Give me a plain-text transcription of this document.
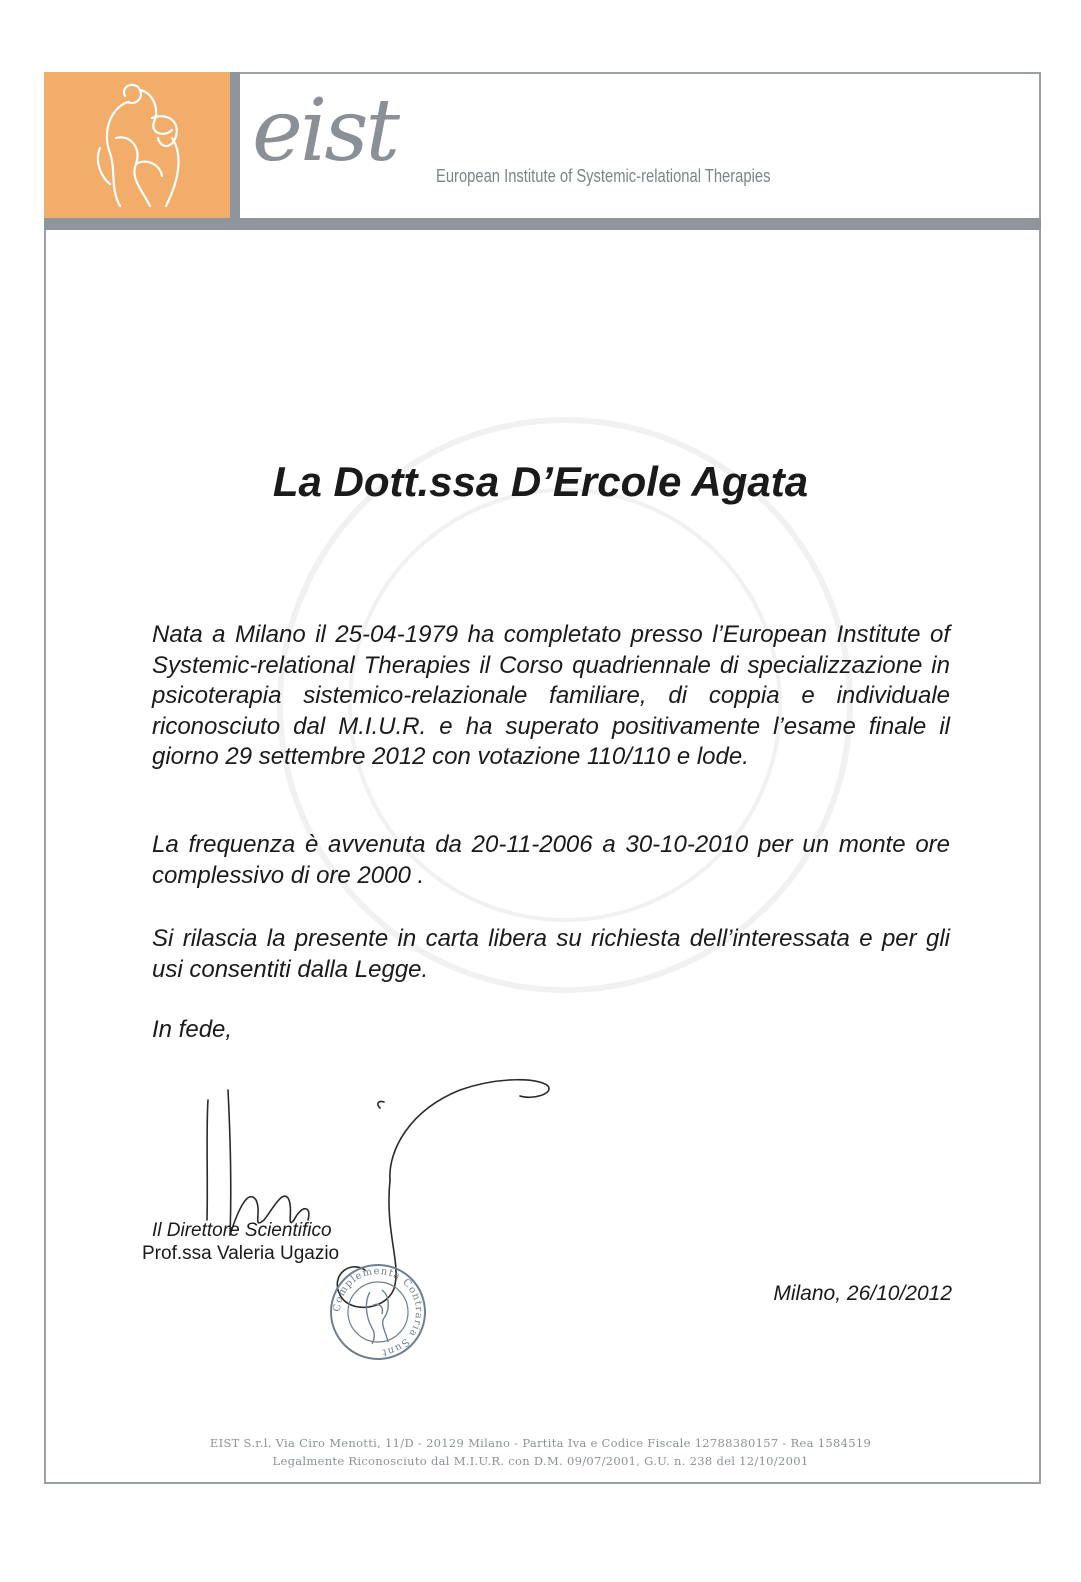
eist European Institute of Systemic-relational Therapies
La Dott.ssa D’Ercole Agata
Nata a Milano il 25-04-1979 ha completato presso l’European Institute of Systemic-relational Therapies il Corso quadriennale di specializzazione in psicoterapia sistemico-relazionale familiare, di coppia e individuale riconosciuto dal M.I.U.R. e ha superato positivamente l’esame finale il giorno 29 settembre 2012 con votazione 110/110 e lode.
La frequenza è avvenuta da 20-11-2006 a 30-10-2010 per un monte ore complessivo di ore 2000 .
Si rilascia la presente in carta libera su richiesta dell’interessata e per gli usi consentiti dalla Legge.
In fede,
Il Direttore Scientifico
Prof.ssa Valeria Ugazio
Complementa Contraria Sunt
Milano, 26/10/2012
EIST S.r.l. Via Ciro Menotti, 11/D - 20129 Milano - Partita Iva e Codice Fiscale 12788380157 - Rea 1584519
Legalmente Riconosciuto dal M.I.U.R. con D.M. 09/07/2001, G.U. n. 238 del 12/10/2001
